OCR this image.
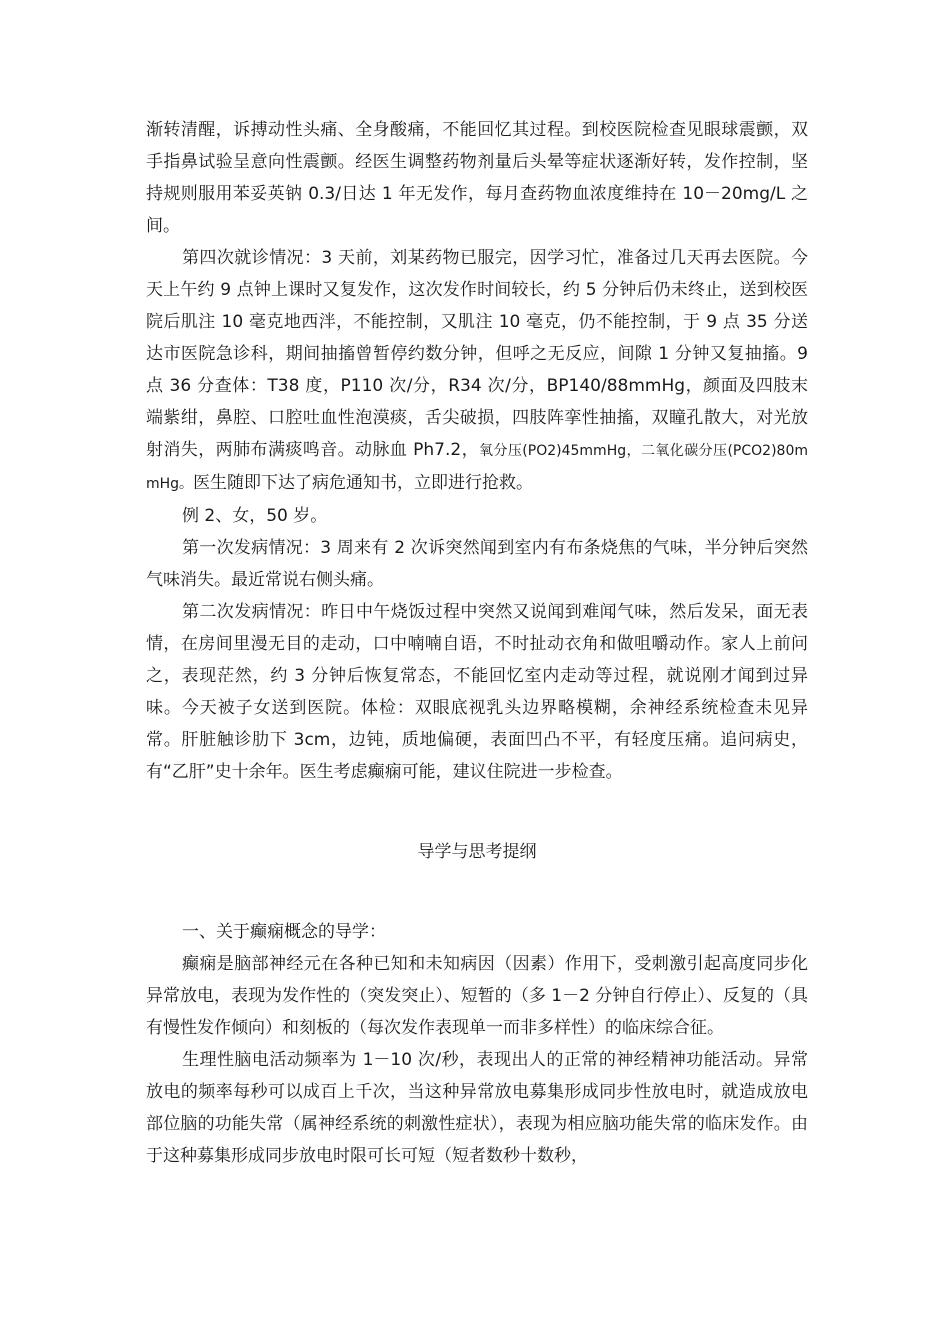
渐转清醒，诉搏动性头痛、全身酸痛，不能回忆其过程。到校医院检查见眼球震颤，双手指鼻试验呈意向性震颤。经医生调整药物剂量后头晕等症状逐渐好转，发作控制，坚持规则服用苯妥英钠 0.3/日达 1 年无发作，每月查药物血浓度维持在 10－20mg/L 之间。

第四次就诊情况：3 天前，刘某药物已服完，因学习忙，准备过几天再去医院。今天上午约 9 点钟上课时又复发作，这次发作时间较长，约 5 分钟后仍未终止，送到校医院后肌注 10 毫克地西泮，不能控制，又肌注 10 毫克，仍不能控制，于 9 点 35 分送达市医院急诊科，期间抽搐曾暂停约数分钟，但呼之无反应，间隙 1 分钟又复抽搐。9 点 36 分查体：T38 度，P110 次/分，R34 次/分，BP140/88mmHg，颜面及四肢末端紫绀，鼻腔、口腔吐血性泡漠痰，舌尖破损，四肢阵挛性抽搐，双瞳孔散大，对光放射消失，两肺布满痰鸣音。动脉血 Ph7.2，氧分压(PO2)45mmHg，二氧化碳分压(PCO2)80mmHg。医生随即下达了病危通知书，立即进行抢救。

例 2、女，50 岁。

第一次发病情况：3 周来有 2 次诉突然闻到室内有布条烧焦的气味，半分钟后突然气味消失。最近常说右侧头痛。

第二次发病情况：昨日中午烧饭过程中突然又说闻到难闻气味，然后发呆，面无表情，在房间里漫无目的走动，口中喃喃自语，不时扯动衣角和做咀嚼动作。家人上前问之，表现茫然，约 3 分钟后恢复常态，不能回忆室内走动等过程，就说刚才闻到过异味。今天被子女送到医院。体检：双眼底视乳头边界略模糊，余神经系统检查未见异常。肝脏触诊肋下 3cm，边钝，质地偏硬，表面凹凸不平，有轻度压痛。追问病史，有“乙肝”史十余年。医生考虑癫痫可能，建议住院进一步检查。

导学与思考提纲

一、关于癫痫概念的导学：

癫痫是脑部神经元在各种已知和未知病因（因素）作用下，受刺激引起高度同步化异常放电，表现为发作性的（突发突止）、短暂的（多 1－2 分钟自行停止）、反复的（具有慢性发作倾向）和刻板的（每次发作表现单一而非多样性）的临床综合征。

生理性脑电活动频率为 1－10 次/秒，表现出人的正常的神经精神功能活动。异常放电的频率每秒可以成百上千次，当这种异常放电募集形成同步性放电时，就造成放电部位脑的功能失常（属神经系统的刺激性症状），表现为相应脑功能失常的临床发作。由于这种募集形成同步放电时限可长可短（短者数秒十数秒，
